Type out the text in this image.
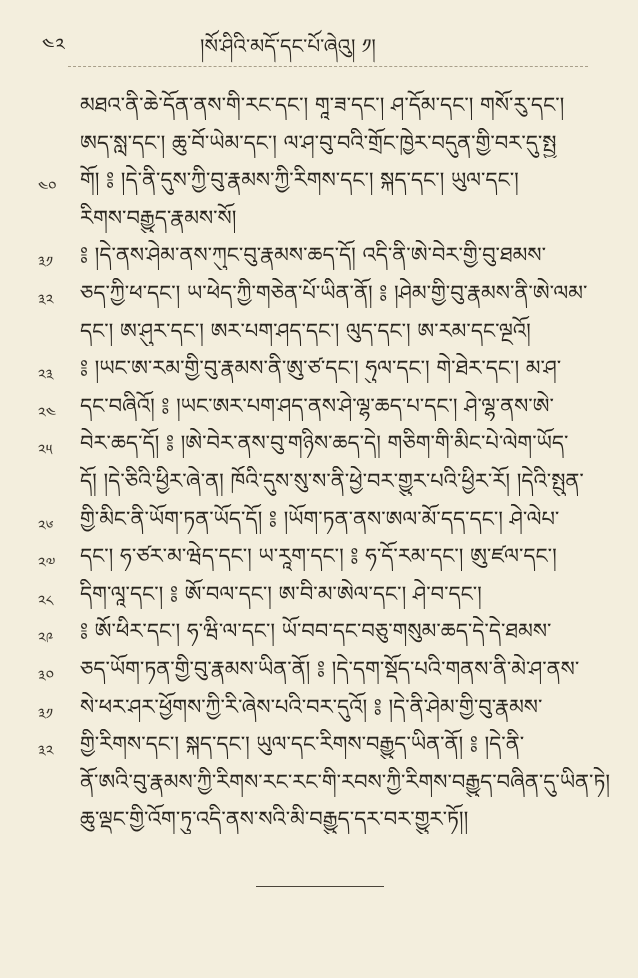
༤༢	།སོ་ཤིའི་མདོ་དང་པོ་ཞེའུ། ༡།
མཐའ་ནི་ཆེ་དོན་ནས་གི་རང་དང་། གཱ་ཟ་དང་། ཤ་དོམ་དང་། གསོ་རུ་དང་།
ཨད་སླ་དང་། ཆུ་བོ་ཡེམ་དང་། ལ་ཤ་བུ་བའི་གྲོང་ཁྱེར་བདུན་གྱི་བར་དུ་སྤྱ
༤༠	གོ། ༔ །དེ་ནི་དུས་ཀྱི་བུ་རྣམས་ཀྱི་རིགས་དང་། སྐད་དང་། ཡུལ་དང་།
རིགས་བརྒྱུད་རྣམས་སོ།
༣༡	༔ །དེ་ནས་ཤེམ་ནས་ཀུང་བུ་རྣམས་ཆད་དོ། འདི་ནི་ཨེ་བེར་གྱི་བུ་ཐམས་
༣༢	ཅད་ཀྱི་ཕ་དང་། ཡ་ཕེད་ཀྱི་གཅེན་པོ་ཡིན་ནོ། ༔ །ཤེམ་གྱི་བུ་རྣམས་ནི་ཨེ་ལམ་
དང་། ཨ་ཤུར་དང་། ཨར་པག་ཤད་དང་། ལུད་དང་། ཨ་རམ་དང་ལྔའོ།
༢༣	༔ །ཡང་ཨ་རམ་གྱི་བུ་རྣམས་ནི་ཨུ་ཙ་དང་། ཧུལ་དང་། གེ་ཐེར་དང་། མ་ཤ་
༢༤	དང་བཞིའོ། ༔ །ཡང་ཨར་པག་ཤད་ནས་ཤེ་ལྷ་ཆད་པ་དང་། ཤེ་ལྷ་ནས་ཨེ་
༢༥	བེར་ཆད་དོ། ༔ །ཨེ་བེར་ནས་བུ་གཉིས་ཆད་དེ། གཅིག་གི་མིང་པེ་ལེག་ཡོད་
དོ། །དེ་ཅིའི་ཕྱིར་ཞེ་ན། ཁོའི་དུས་སུ་ས་ནི་ཕྱེ་བར་གྱུར་པའི་ཕྱིར་རོ། །དེའི་སྤུན་
༢༦	གྱི་མིང་ནི་ཡོག་ཏན་ཡོད་དོ། ༔ །ཡོག་ཏན་ནས་ཨལ་མོ་དད་དང་། ཤེ་ལེཔ་
༢༧	དང་། ཧ་ཙར་མ་ཝེད་དང་། ཡ་རཱག་དང་། ༔ ཧ་དོ་རམ་དང་། ཨུ་ཛལ་དང་།
༢༨	དིག་ལཱ་དང་། ༔ ཨོ་བལ་དང་། ཨ་བི་མ་ཨེལ་དང་། ཤེ་བ་དང་།
༢༩	༔ ཨོ་ཕིར་དང་། ཧ་ཝི་ལ་དང་། ཡོ་བབ་དང་བཅུ་གསུམ་ཆད་དེ་དེ་ཐམས་
༣༠	ཅད་ཡོག་ཏན་གྱི་བུ་རྣམས་ཡིན་ནོ། ༔ །དེ་དག་སྡོད་པའི་གནས་ནི་མེ་ཤ་ནས་
༣༡	སེ་ཕར་ཤར་ཕྱོགས་ཀྱི་རི་ཞེས་པའི་བར་དུའོ། ༔ །དེ་ནི་ཤེམ་གྱི་བུ་རྣམས་
༣༢	གྱི་རིགས་དང་། སྐད་དང་། ཡུལ་དང་རིགས་བརྒྱུད་ཡིན་ནོ། ༔ །དེ་ནི་
ནོ་ཨའི་བུ་རྣམས་ཀྱི་རིགས་རང་རང་གི་རབས་ཀྱི་རིགས་བརྒྱུད་བཞིན་དུ་ཡིན་ཏེ།
ཆུ་ལྡང་གྱི་འོག་ཏུ་འདི་ནས་སའི་མི་བརྒྱུད་དར་བར་གྱུར་ཏོ།།
